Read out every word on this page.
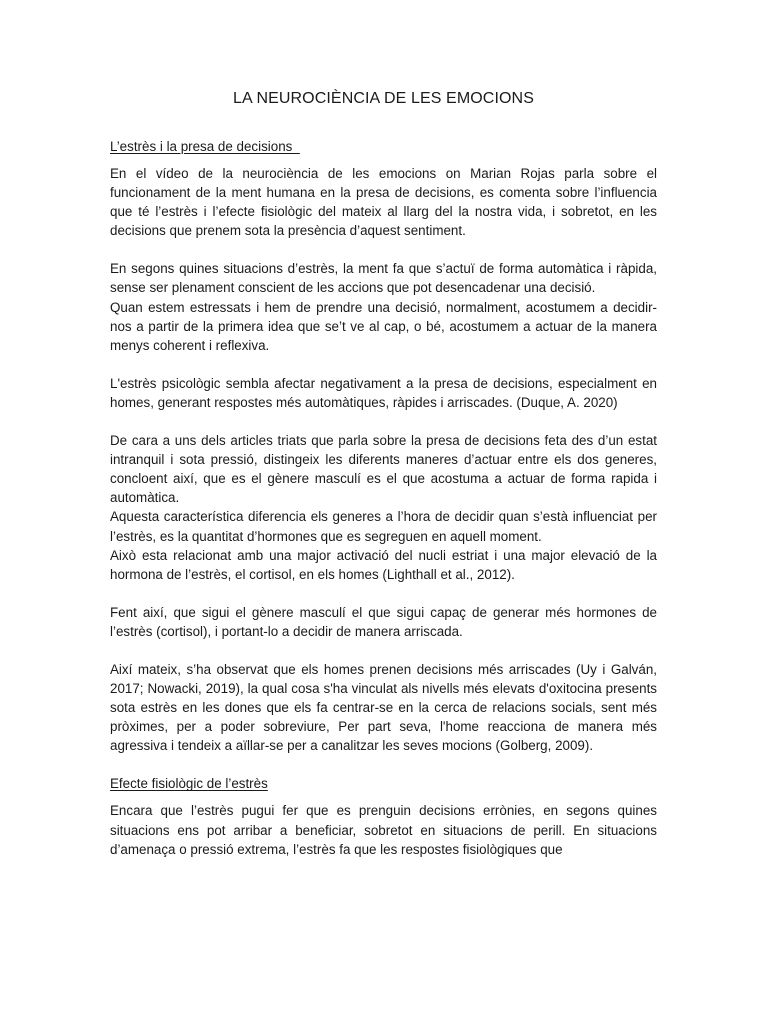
LA NEUROCIÈNCIA DE LES EMOCIONS
L’estrès i la presa de decisions

En el vídeo de la neurociència de les emocions on Marian Rojas parla sobre el funcionament de la ment humana en la presa de decisions, es comenta sobre l’influencia que té l’estrès i l’efecte fisiològic del mateix al llarg del la nostra vida, i sobretot, en les decisions que prenem sota la presència d’aquest sentiment.

En segons quines situacions d’estrès, la ment fa que s’actuï de forma automàtica i ràpida, sense ser plenament conscient de les accions que pot desencadenar una decisió.

Quan estem estressats i hem de prendre una decisió, normalment, acostumem a decidir-nos a partir de la primera idea que se’t ve al cap, o bé, acostumem a actuar de la manera menys coherent i reflexiva.

L'estrès psicològic sembla afectar negativament a la presa de decisions, especialment en homes, generant respostes més automàtiques, ràpides i arriscades. (Duque, A. 2020)

De cara a uns dels articles triats que parla sobre la presa de decisions feta des d’un estat intranquil i sota pressió, distingeix les diferents maneres d’actuar entre els dos generes, concloent així, que es el gènere masculí es el que acostuma a actuar de forma rapida i automàtica.

Aquesta característica diferencia els generes a l’hora de decidir quan s’està influenciat per l’estrès, es la quantitat d’hormones que es segreguen en aquell moment.

Això esta relacionat amb una major activació del nucli estriat i una major elevació de la hormona de l’estrès, el cortisol, en els homes (Lighthall et al., 2012).

Fent així, que sigui el gènere masculí el que sigui capaç de generar més hormones de l’estrès (cortisol), i portant-lo a decidir de manera arriscada.

Així mateix, s’ha observat que els homes prenen decisions més arriscades (Uy i Galván, 2017; Nowacki, 2019), la qual cosa s'ha vinculat als nivells més elevats d'oxitocina presents sota estrès en les dones que els fa centrar-se en la cerca de relacions socials, sent més pròximes, per a poder sobreviure, Per part seva, l'home reacciona de manera més agressiva i tendeix a aïllar-se per a canalitzar les seves mocions (Golberg, 2009).

Efecte fisiològic de l’estrès

Encara que l’estrès pugui fer que es prenguin decisions errònies, en segons quines situacions ens pot arribar a beneficiar, sobretot en situacions de perill. En situacions d’amenaça o pressió extrema, l’estrès fa que les respostes fisiològiques que
